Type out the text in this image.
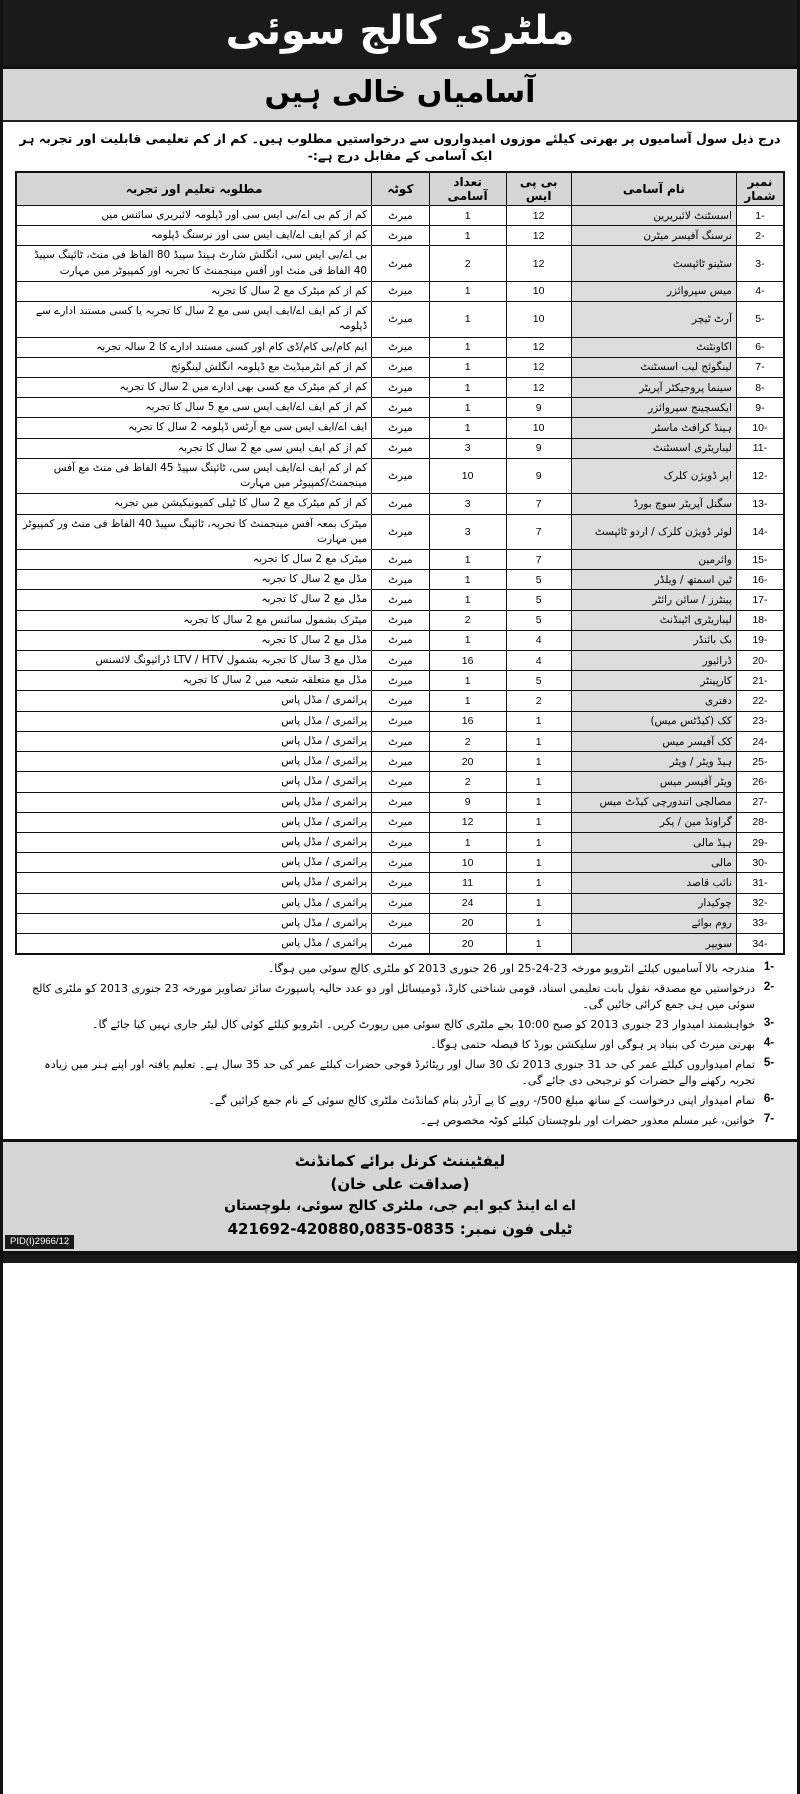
ملٹری کالج سوئی
آسامیاں خالی ہیں
درج ذیل سول آسامیوں پر بھرتی کیلئے موزوں امیدواروں سے درخواستیں مطلوب ہیں۔ کم از کم تعلیمی قابلیت اور تجربہ ہر ایک آسامی کے مقابل درج ہے:-
نمبر شمار	نام آسامی	بی پی ایس	تعداد آسامی	کوٹہ	مطلوبہ تعلیم اور تجربہ
1-	اسسٹنٹ لائبریرین	12	1	میرٹ	کم از کم بی اے/بی ایس سی اور ڈپلومہ لائبریری سائنس میں
2-	نرسنگ آفیسر میٹرن	12	1	میرٹ	کم از کم ایف اے/ایف ایس سی اور نرسنگ ڈپلومہ
3-	سٹینو ٹائپسٹ	12	2	میرٹ	بی اے/بی ایس سی، انگلش شارٹ ہینڈ سپیڈ 80 الفاظ فی منٹ، ٹائپنگ سپیڈ 40 الفاظ فی منٹ اور آفس مینجمنٹ کا تجربہ اور کمپیوٹر میں مہارت
4-	میس سپروائزر	10	1	میرٹ	کم از کم میٹرک مع 2 سال کا تجربہ
5-	آرٹ ٹیچر	10	1	میرٹ	کم از کم ایف اے/ایف ایس سی مع 2 سال کا تجربہ یا کسی مستند ادارے سے ڈپلومہ
6-	اکاونٹنٹ	12	1	میرٹ	ایم کام/بی کام/ڈی کام اور کسی مستند ادارے کا 2 سالہ تجربہ
7-	لینگوئج لیب اسسٹنٹ	12	1	میرٹ	کم از کم انٹرمیڈیٹ مع ڈپلومہ انگلش لینگوئج
8-	سینما پروجیکٹر آپریٹر	12	1	میرٹ	کم از کم میٹرک مع کسی بھی ادارے میں 2 سال کا تجربہ
9-	ایکسچینج سپروائزر	9	1	میرٹ	کم از کم ایف اے/ایف ایس سی مع 5 سال کا تجربہ
10-	ہینڈ کرافٹ ماسٹر	10	1	میرٹ	ایف اے/ایف ایس سی مع آرٹس ڈپلومہ 2 سال کا تجربہ
11-	لیباریٹری اسسٹنٹ	9	3	میرٹ	کم از کم ایف ایس سی مع 2 سال کا تجربہ
12-	اپر ڈویژن کلرک	9	10	میرٹ	کم از کم ایف اے/ایف ایس سی، ٹائپنگ سپیڈ 45 الفاظ فی منٹ مع آفس مینجمنٹ/کمپیوٹر میں مہارت
13-	سگنل آپریٹر سوچ بورڈ	7	3	میرٹ	کم از کم میٹرک مع 2 سال کا ٹیلی کمیونیکیشن میں تجربہ
14-	لوئر ڈویژن کلرک / اردو ٹائپسٹ	7	3	میرٹ	میٹرک بمعہ آفس مینجمنٹ کا تجربہ، ٹائپنگ سپیڈ 40 الفاظ فی منٹ ور کمپیوٹر میں مہارت
15-	وائرمین	7	1	میرٹ	میٹرک مع 2 سال کا تجربہ
16-	ٹین اسمتھ / ویلڈر	5	1	میرٹ	مڈل مع 2 سال کا تجربہ
17-	پینٹرز / سائن رائٹر	5	1	میرٹ	مڈل مع 2 سال کا تجربہ
18-	لیباریٹری اٹینڈنٹ	5	2	میرٹ	میٹرک بشمول سائنس مع 2 سال کا تجربہ
19-	بک بائنڈر	4	1	میرٹ	مڈل مع 2 سال کا تجربہ
20-	ڈرائیور	4	16	میرٹ	مڈل مع 3 سال کا تجربہ بشمول LTV / HTV ڈرائیونگ لائسنس
21-	کارپینٹر	5	1	میرٹ	مڈل مع متعلقہ شعبہ میں 2 سال کا تجربہ
22-	دفتری	2	1	میرٹ	پرائمری / مڈل پاس
23-	کک (کیڈٹس میس)	1	16	میرٹ	پرائمری / مڈل پاس
24-	کک آفیسر میس	1	2	میرٹ	پرائمری / مڈل پاس
25-	ہیڈ ویٹر / ویٹر	1	20	میرٹ	پرائمری / مڈل پاس
26-	ویٹر آفیسر میس	1	2	میرٹ	پرائمری / مڈل پاس
27-	مصالچی اتندورچی کیڈٹ میس	1	9	میرٹ	پرائمری / مڈل پاس
28-	گراونڈ مین / پکر	1	12	میرٹ	پرائمری / مڈل پاس
29-	ہیڈ مالی	1	1	میرٹ	پرائمری / مڈل پاس
30-	مالی	1	10	میرٹ	پرائمری / مڈل پاس
31-	نائب قاصد	1	11	میرٹ	پرائمری / مڈل پاس
32-	چوکیدار	1	24	میرٹ	پرائمری / مڈل پاس
33-	روم بوائے	1	20	میرٹ	پرائمری / مڈل پاس
34-	سویپر	1	20	میرٹ	پرائمری / مڈل پاس
1-
مندرجہ بالا آسامیوں کیلئے انٹرویو مورخہ 23-24-25 اور 26 جنوری 2013 کو ملٹری کالج سوئی میں ہوگا۔
2-
درخواستیں مع مصدقہ نقول بابت تعلیمی اسناد، قومی شناختی کارڈ، ڈومیسائل اور دو عدد حالیہ پاسپورٹ سائز تصاویر مورخہ 23 جنوری 2013 کو ملٹری کالج سوئی میں ہی جمع کرائی جائیں گی۔
3-
خواہشمند امیدوار 23 جنوری 2013 کو صبح 10:00 بجے ملٹری کالج سوئی میں رپورٹ کریں۔ انٹرویو کیلئے کوئی کال لیٹر جاری نہیں کیا جائے گا۔
4-
بھرتی میرٹ کی بنیاد پر ہوگی اور سلیکشن بورڈ کا فیصلہ حتمی ہوگا۔
5-
تمام امیدواروں کیلئے عمر کی حد 31 جنوری 2013 تک 30 سال اور ریٹائرڈ فوجی حضرات کیلئے عمر کی حد 35 سال ہے۔ تعلیم یافتہ اور اپنے ہنر میں زیادہ تجربہ رکھنے والے حضرات کو ترجیحی دی جائے گی۔
6-
تمام امیدوار اپنی درخواست کے ساتھ مبلغ 500/- روپے کا پے آرڈر بنام کمانڈنٹ ملٹری کالج سوئی کے نام جمع کرائیں گے۔
7-
خواتین، غیر مسلم معذور حضرات اور بلوچستان کیلئے کوٹہ مخصوص ہے۔
لیفٹیننٹ کرنل برائے کمانڈنٹ
(صداقت علی خان)
اے اے اینڈ کیو ایم جی، ملٹری کالج سوئی، بلوچستان
ٹیلی فون نمبر: 0835-420880,0835-421692
PID(I)2966/12
